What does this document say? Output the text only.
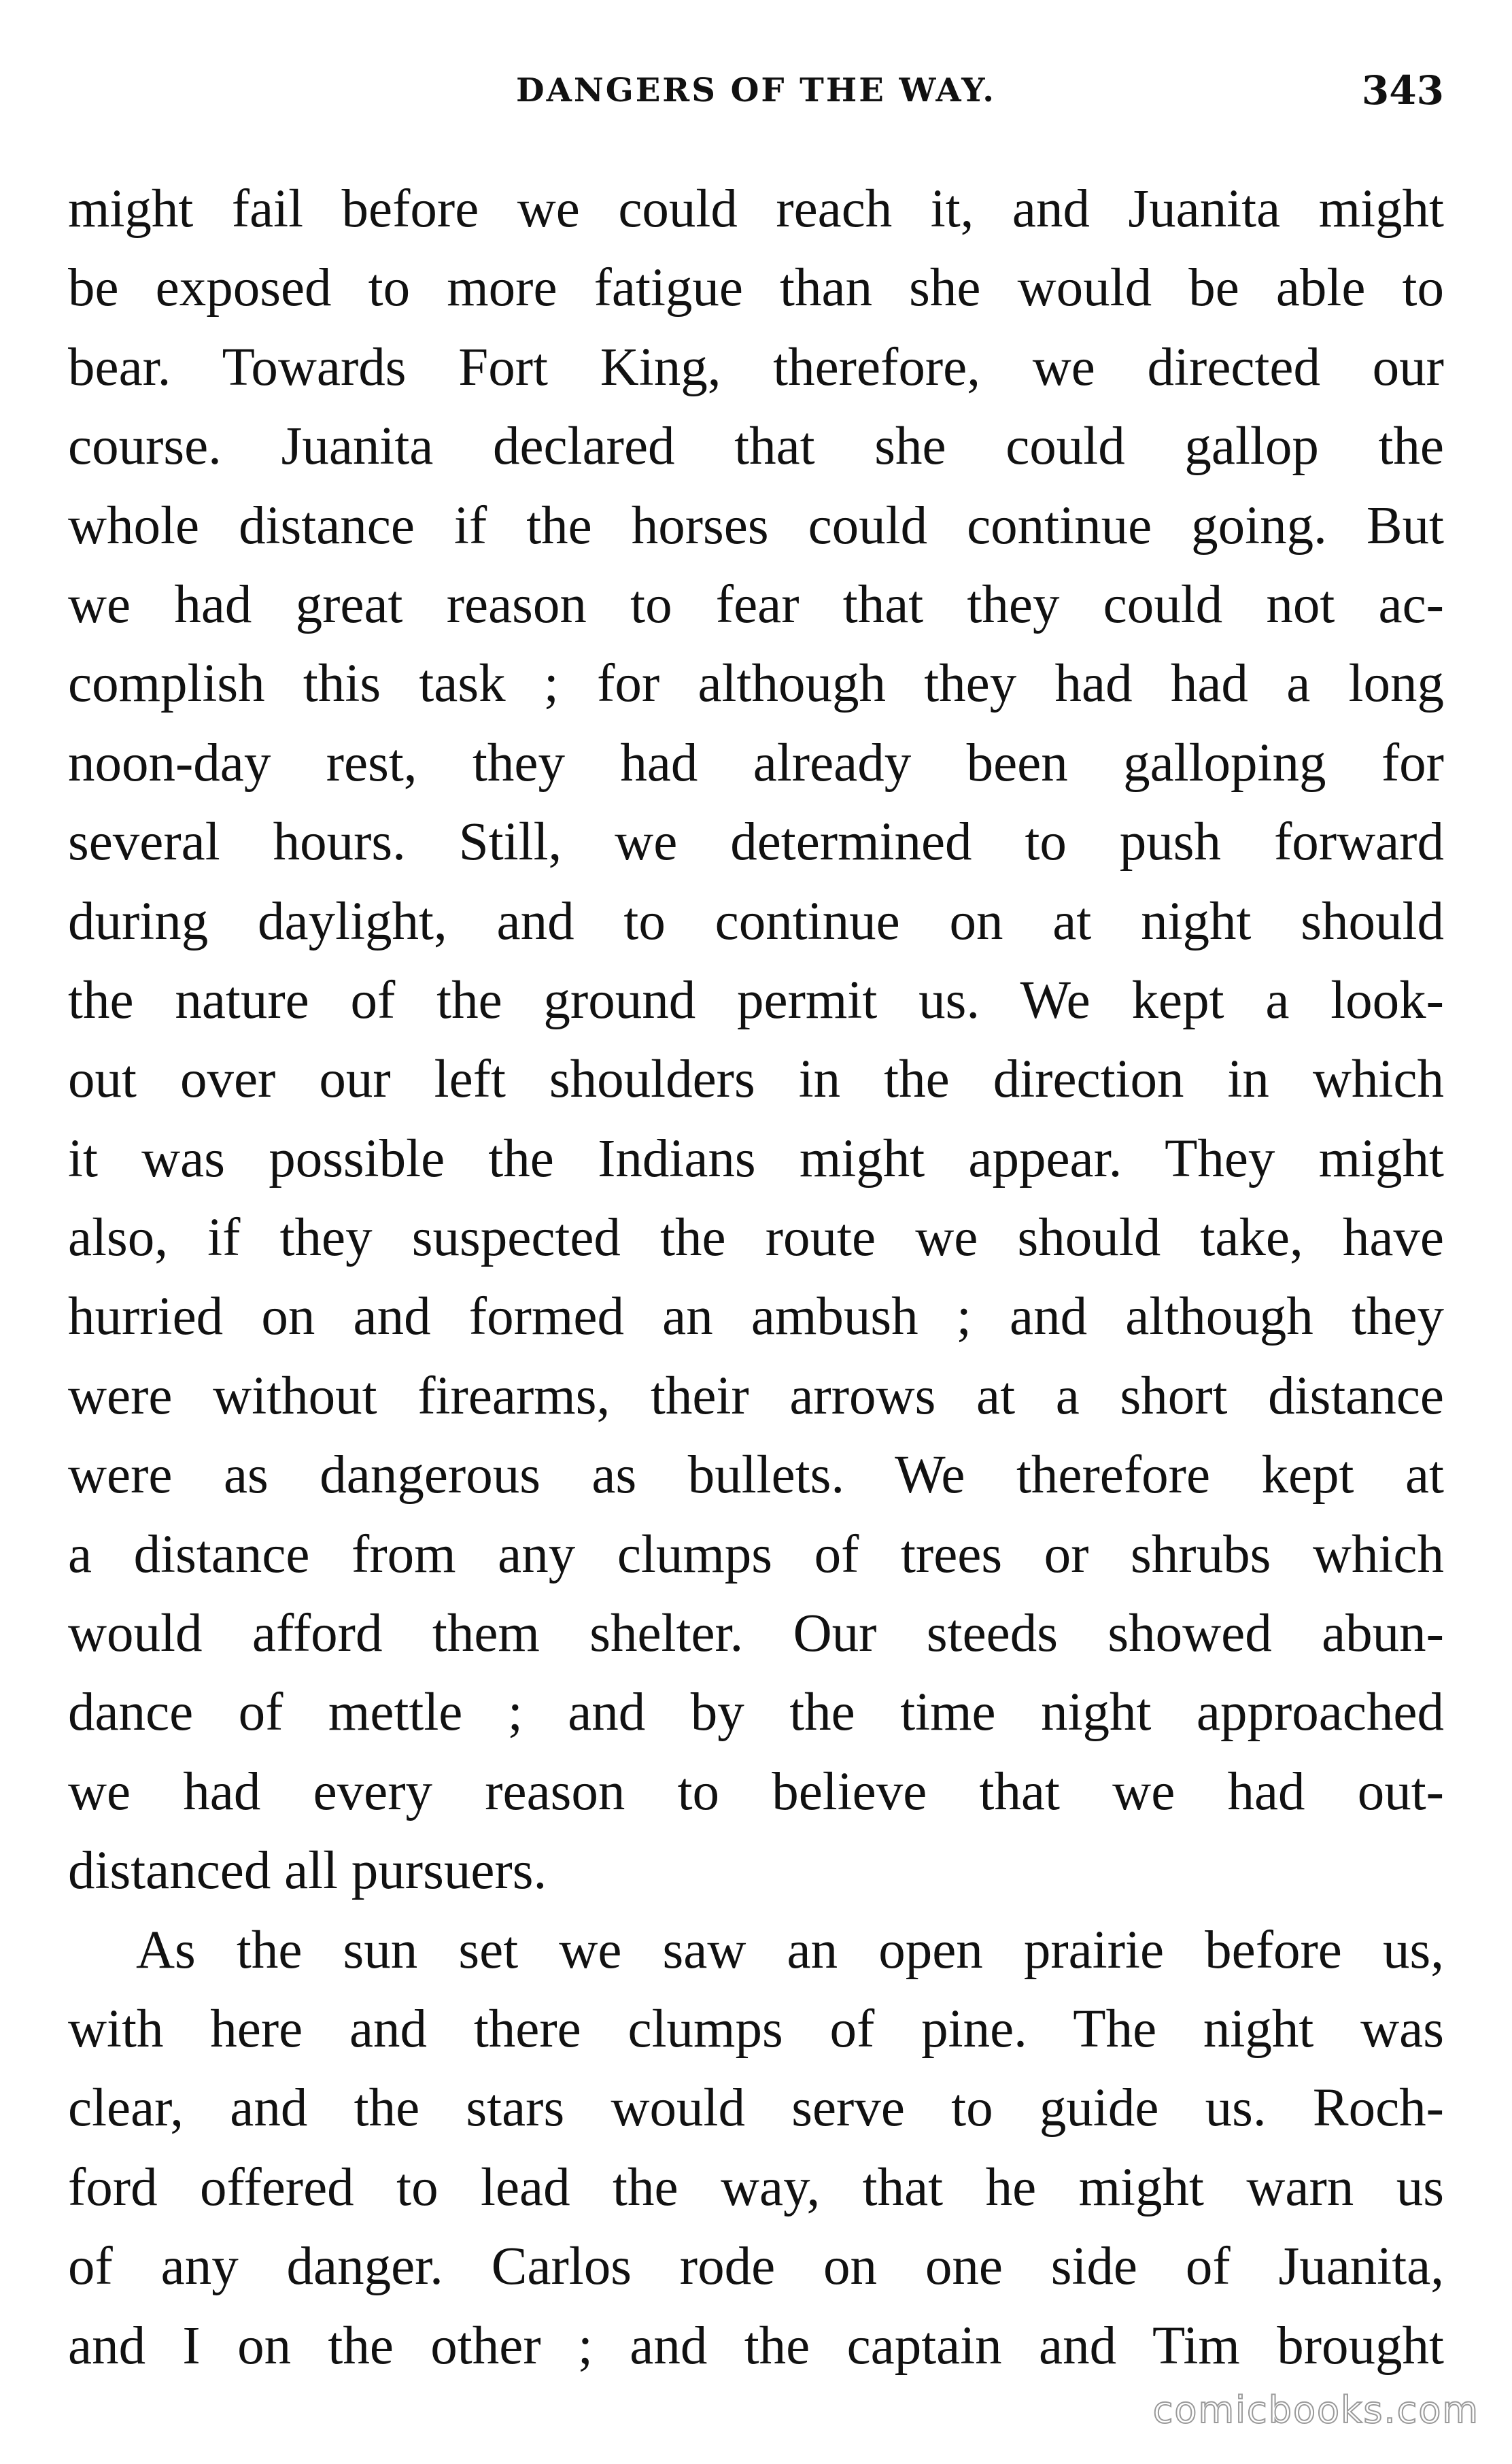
DANGERS OF THE WAY.	343
might fail before we could reach it, and Juanita might
be exposed to more fatigue than she would be able to
bear. Towards Fort King, therefore, we directed our
course. Juanita declared that she could gallop the
whole distance if the horses could continue going. But
we had great reason to fear that they could not ac-
complish this task ; for although they had had a long
noon-day rest, they had already been galloping for
several hours. Still, we determined to push forward
during daylight, and to continue on at night should
the nature of the ground permit us. We kept a look-
out over our left shoulders in the direction in which
it was possible the Indians might appear. They might
also, if they suspected the route we should take, have
hurried on and formed an ambush ; and although they
were without firearms, their arrows at a short distance
were as dangerous as bullets. We therefore kept at
a distance from any clumps of trees or shrubs which
would afford them shelter. Our steeds showed abun-
dance of mettle ; and by the time night approached
we had every reason to believe that we had out-
distanced all pursuers.
As the sun set we saw an open prairie before us,
with here and there clumps of pine. The night was
clear, and the stars would serve to guide us. Roch-
ford offered to lead the way, that he might warn us
of any danger. Carlos rode on one side of Juanita,
and I on the other ; and the captain and Tim brought
comicbooks.com
